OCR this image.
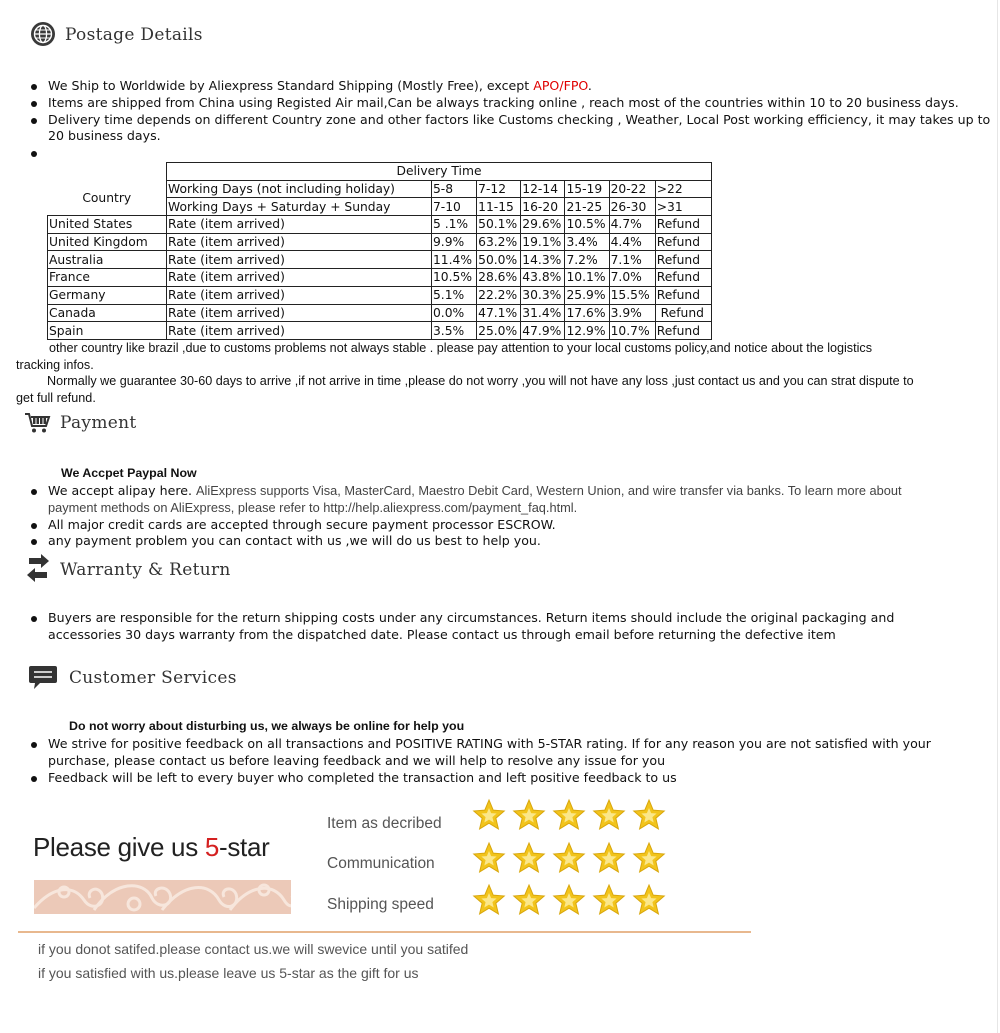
Postage Details
We Ship to Worldwide by Aliexpress Standard Shipping (Mostly Free), except APO/FPO.
Items are shipped from China using Registed Air mail,Can be always tracking online , reach most of the countries within 10 to 20 business days.
Delivery time depends on different Country zone and other factors like Customs checking , Weather, Local Post working efficiency, it may takes up to 20 business days.
	Delivery Time						
Country	Working Days (not including holiday)	5-8	7-12	12-14	15-19	20-22	>22
	Working Days + Saturday + Sunday	7-10	11-15	16-20	21-25	26-30	>31
United States	Rate (item arrived)	5 .1%	50.1%	29.6%	10.5%	4.7%	Refund
United Kingdom	Rate (item arrived)	9.9%	63.2%	19.1%	3.4%	4.4%	Refund
Australia	Rate (item arrived)	11.4%	50.0%	14.3%	7.2%	7.1%	Refund
France	Rate (item arrived)	10.5%	28.6%	43.8%	10.1%	7.0%	Refund
Germany	Rate (item arrived)	5.1%	22.2%	30.3%	25.9%	15.5%	Refund
Canada	Rate (item arrived)	0.0%	47.1%	31.4%	17.6%	3.9%	Refund
Spain	Rate (item arrived)	3.5%	25.0%	47.9%	12.9%	10.7%	Refund
other country like brazil ,due to customs problems not always stable . please pay attention to your local customs policy,and notice about the logistics
tracking infos.
Normally we guarantee 30-60 days to arrive ,if not arrive in time ,please do not worry ,you will not have any loss ,just contact us and you can strat dispute to
get full refund.
Payment
We Accpet Paypal Now
We accept alipay here. AliExpress supports Visa, MasterCard, Maestro Debit Card, Western Union, and wire transfer via banks. To learn more about
payment methods on AliExpress, please refer to http://help.aliexpress.com/payment_faq.html.
All major credit cards are accepted through secure payment processor ESCROW.
any payment problem you can contact with us ,we will do us best to help you.
Warranty & Return
Buyers are responsible for the return shipping costs under any circumstances. Return items should include the original packaging and accessories 30 days warranty from the dispatched date. Please contact us through email before returning the defective item
Customer Services
Do not worry about disturbing us, we always be online for help you
We strive for positive feedback on all transactions and POSITIVE RATING with 5-STAR rating. If for any reason you are not satisfied with your purchase, please contact us before leaving feedback and we will help to resolve any issue for you
Feedback will be left to every buyer who completed the transaction and left positive feedback to us
Please give us 5-star
Item as decribed
Communication
Shipping speed
if you donot satifed.please contact us.we will swevice until you satifed
if you satisfied with us.please leave us 5-star as the gift for us
